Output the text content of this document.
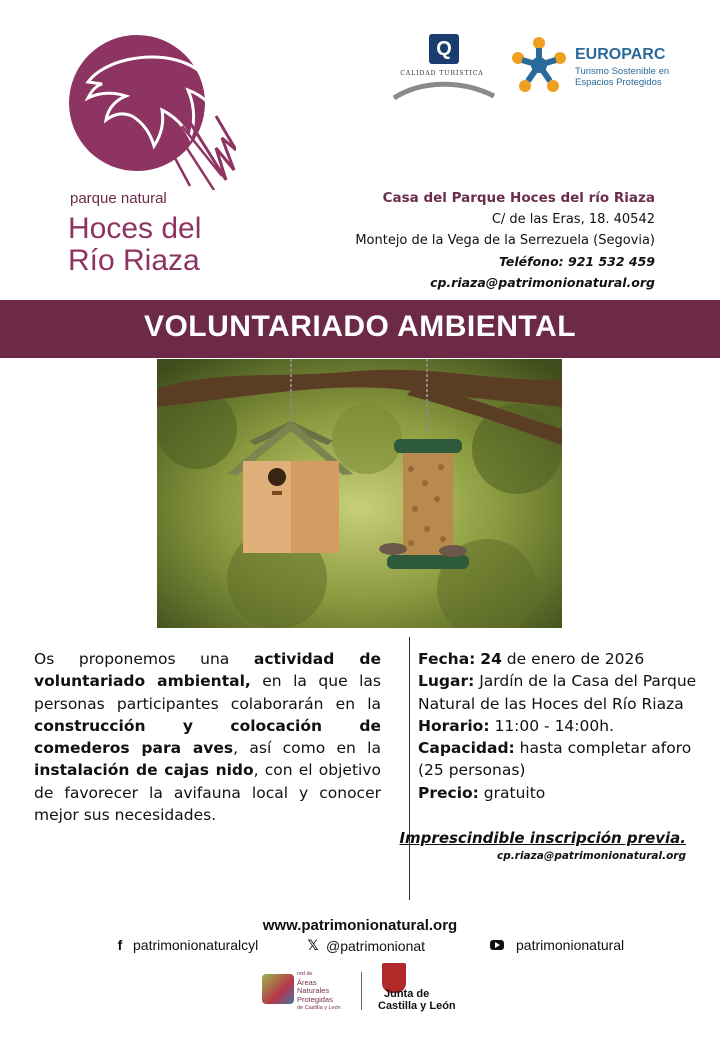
parque natural
Hoces del
Río Riaza
Q
CALIDAD TURÍSTICA
EUROPARC
Turismo Sostenible en Espacios Protegidos
Casa del Parque Hoces del río Riaza
C/ de las Eras, 18. 40542
Montejo de la Vega de la Serrezuela (Segovia)
Teléfono: 921 532 459
cp.riaza@patrimonionatural.org
VOLUNTARIADO AMBIENTAL
Os proponemos una actividad de voluntariado ambiental, en la que las personas participantes colaborarán en la construcción y colocación de comederos para aves, así como en la instalación de cajas nido, con el objetivo de favorecer la avifauna local y conocer mejor sus necesidades.
Fecha: 24 de enero de 2026
Lugar: Jardín de la Casa del Parque Natural de las Hoces del Río Riaza
Horario: 11:00 - 14:00h.
Capacidad: hasta completar aforo (25 personas)
Precio: gratuito
Imprescindible inscripción previa.
cp.riaza@patrimonionatural.org
www.patrimonionatural.org
f patrimonionaturalcyl	𝕏 @patrimonionat	patrimonionatural
red de
Áreas
Naturales
Protegidas
de Castilla y León
Junta de
Castilla y León
